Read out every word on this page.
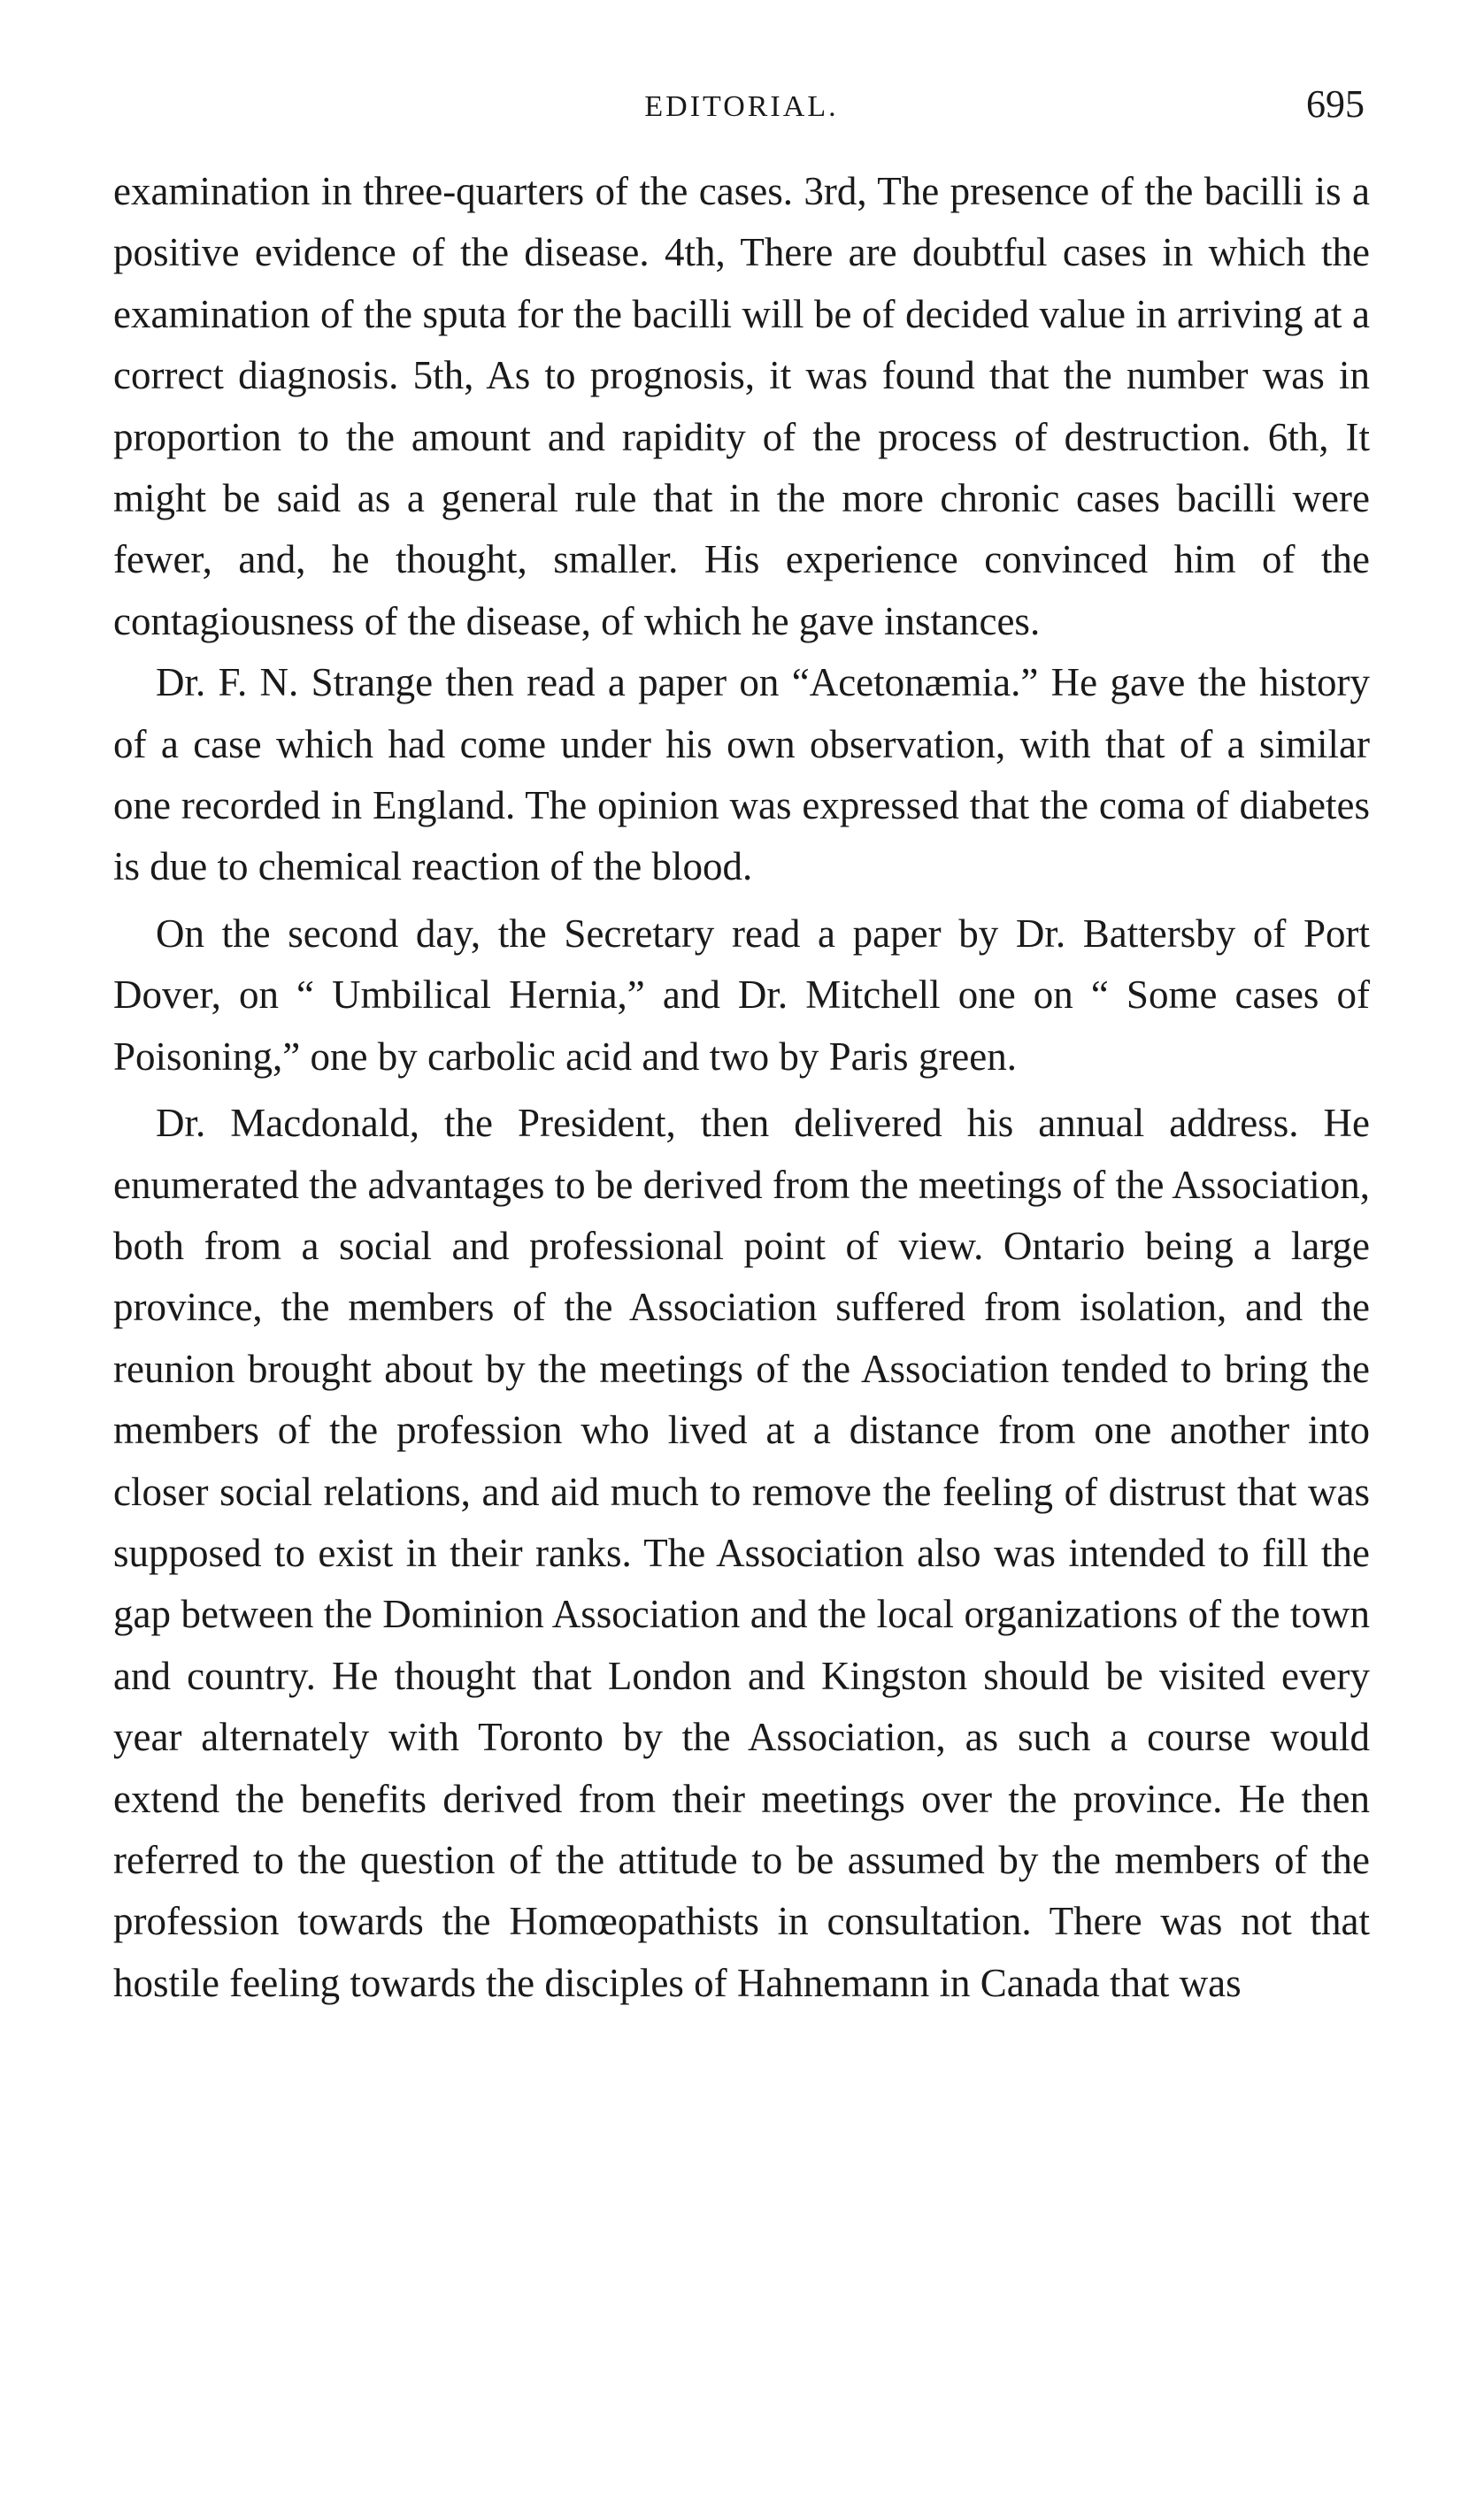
EDITORIAL.	695

examination in three-quarters of the cases. 3rd, The presence of the bacilli is a positive evidence of the disease. 4th, There are doubtful cases in which the examination of the sputa for the bacilli will be of decided value in arriving at a correct diagnosis. 5th, As to prognosis, it was found that the number was in proportion to the amount and rapidity of the process of destruction. 6th, It might be said as a general rule that in the more chronic cases bacilli were fewer, and, he thought, smaller. His experience convinced him of the contagiousness of the disease, of which he gave instances.

Dr. F. N. Strange then read a paper on “Acetonæmia.” He gave the history of a case which had come under his own observation, with that of a similar one recorded in England. The opinion was expressed that the coma of diabetes is due to chemical reaction of the blood.

On the second day, the Secretary read a paper by Dr. Battersby of Port Dover, on “ Umbilical Hernia,” and Dr. Mitchell one on “ Some cases of Poisoning,” one by carbolic acid and two by Paris green.

Dr. Macdonald, the President, then delivered his annual address. He enumerated the advantages to be derived from the meetings of the Association, both from a social and professional point of view. Ontario being a large province, the members of the Association suffered from isolation, and the reunion brought about by the meetings of the Association tended to bring the members of the profession who lived at a distance from one another into closer social relations, and aid much to remove the feeling of distrust that was supposed to exist in their ranks. The Association also was intended to fill the gap between the Dominion Association and the local organizations of the town and country. He thought that London and Kingston should be visited every year alternately with Toronto by the Association, as such a course would extend the benefits derived from their meetings over the province. He then referred to the question of the attitude to be assumed by the members of the profession towards the Homœopathists in consultation. There was not that hostile feeling towards the disciples of Hahnemann in Canada that was
